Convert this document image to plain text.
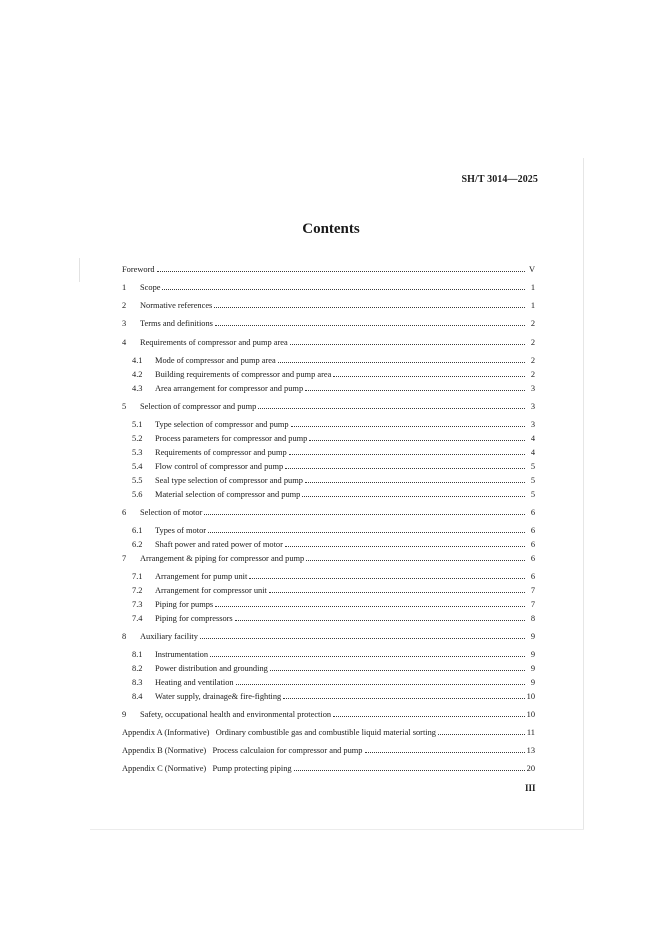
SH/T 3014—2025
Contents
Foreword	V
1	Scope	1
2	Normative references	1
3	Terms and definitions	2
4	Requirements of compressor and pump area	2
4.1	Mode of compressor and pump area	2
4.2	Building requirements of compressor and pump area	2
4.3	Area arrangement for compressor and pump	3
5	Selection of compressor and pump	3
5.1	Type selection of compressor and pump	3
5.2	Process parameters for compressor and pump	4
5.3	Requirements of compressor and pump	4
5.4	Flow control of compressor and pump	5
5.5	Seal type selection of compressor and pump	5
5.6	Material selection of compressor and pump	5
6	Selection of motor	6
6.1	Types of motor	6
6.2	Shaft power and rated power of motor	6
7	Arrangement & piping for compressor and pump	6
7.1	Arrangement for pump unit	6
7.2	Arrangement for compressor unit	7
7.3	Piping for pumps	7
7.4	Piping for compressors	8
8	Auxiliary facility	9
8.1	Instrumentation	9
8.2	Power distribution and grounding	9
8.3	Heating and ventilation	9
8.4	Water supply, drainage& fire-fighting	10
9	Safety, occupational health and environmental protection	10
Appendix A (Informative)   Ordinary combustible gas and combustible liquid material sorting	11
Appendix B (Normative)   Process calculaion for compressor and pump	13
Appendix C (Normative)   Pump protecting piping	20
III
